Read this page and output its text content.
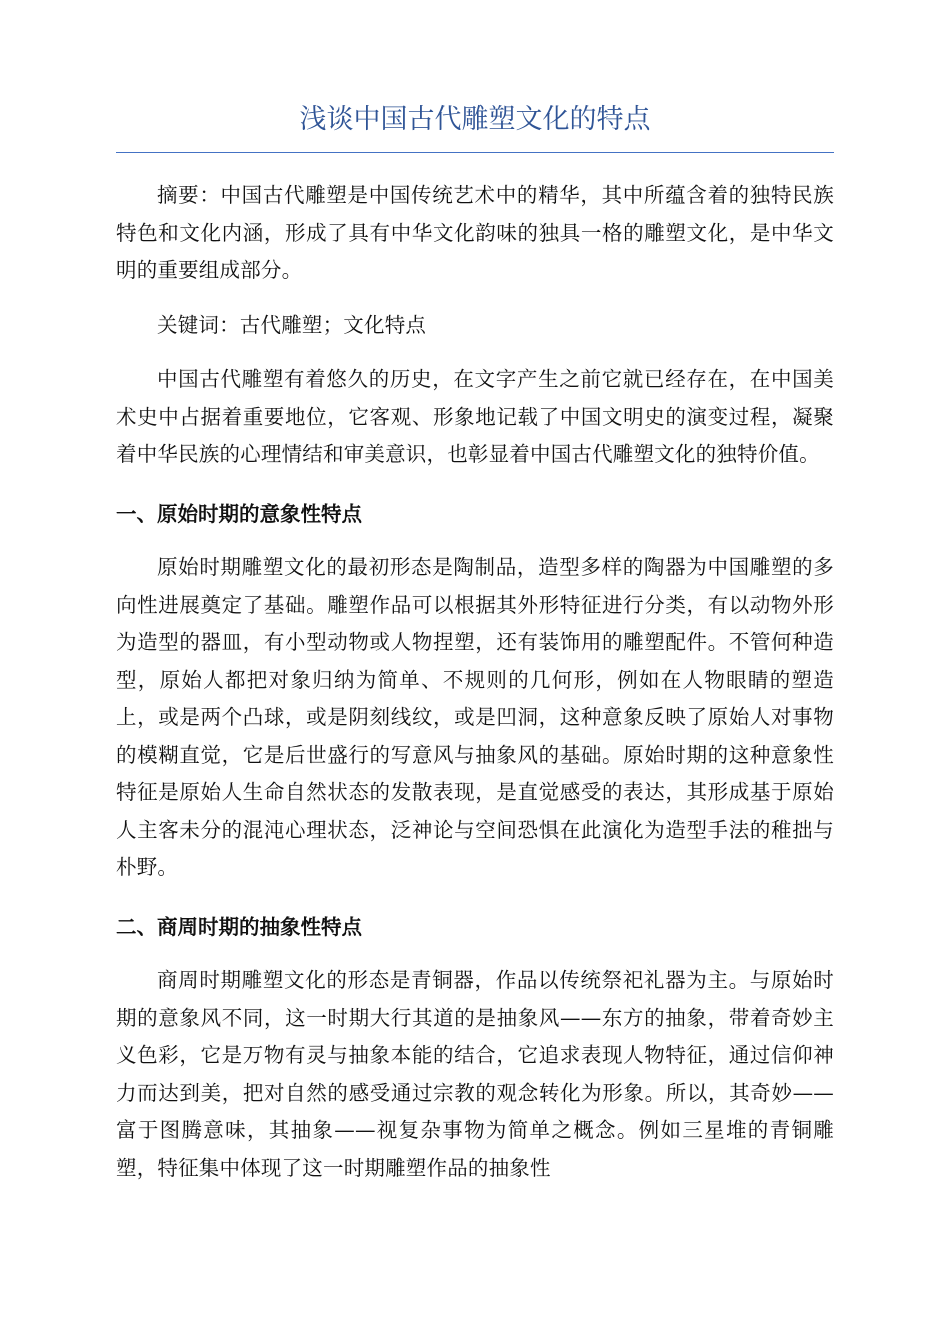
浅谈中国古代雕塑文化的特点

摘要：中国古代雕塑是中国传统艺术中的精华，其中所蕴含着的独特民族特色和文化内涵，形成了具有中华文化韵味的独具一格的雕塑文化，是中华文明的重要组成部分。

关键词：古代雕塑；文化特点

中国古代雕塑有着悠久的历史，在文字产生之前它就已经存在，在中国美术史中占据着重要地位，它客观、形象地记载了中国文明史的演变过程，凝聚着中华民族的心理情结和审美意识，也彰显着中国古代雕塑文化的独特价值。

一、原始时期的意象性特点

原始时期雕塑文化的最初形态是陶制品，造型多样的陶器为中国雕塑的多向性进展奠定了基础。雕塑作品可以根据其外形特征进行分类，有以动物外形为造型的器皿，有小型动物或人物捏塑，还有装饰用的雕塑配件。不管何种造型，原始人都把对象归纳为简单、不规则的几何形，例如在人物眼睛的塑造上，或是两个凸球，或是阴刻线纹，或是凹洞，这种意象反映了原始人对事物的模糊直觉，它是后世盛行的写意风与抽象风的基础。原始时期的这种意象性特征是原始人生命自然状态的发散表现，是直觉感受的表达，其形成基于原始人主客未分的混沌心理状态，泛神论与空间恐惧在此演化为造型手法的稚拙与朴野。

二、商周时期的抽象性特点

商周时期雕塑文化的形态是青铜器，作品以传统祭祀礼器为主。与原始时期的意象风不同，这一时期大行其道的是抽象风——东方的抽象，带着奇妙主义色彩，它是万物有灵与抽象本能的结合，它追求表现人物特征，通过信仰神力而达到美，把对自然的感受通过宗教的观念转化为形象。所以，其奇妙——富于图腾意味，其抽象——视复杂事物为简单之概念。例如三星堆的青铜雕塑，特征集中体现了这一时期雕塑作品的抽象性
